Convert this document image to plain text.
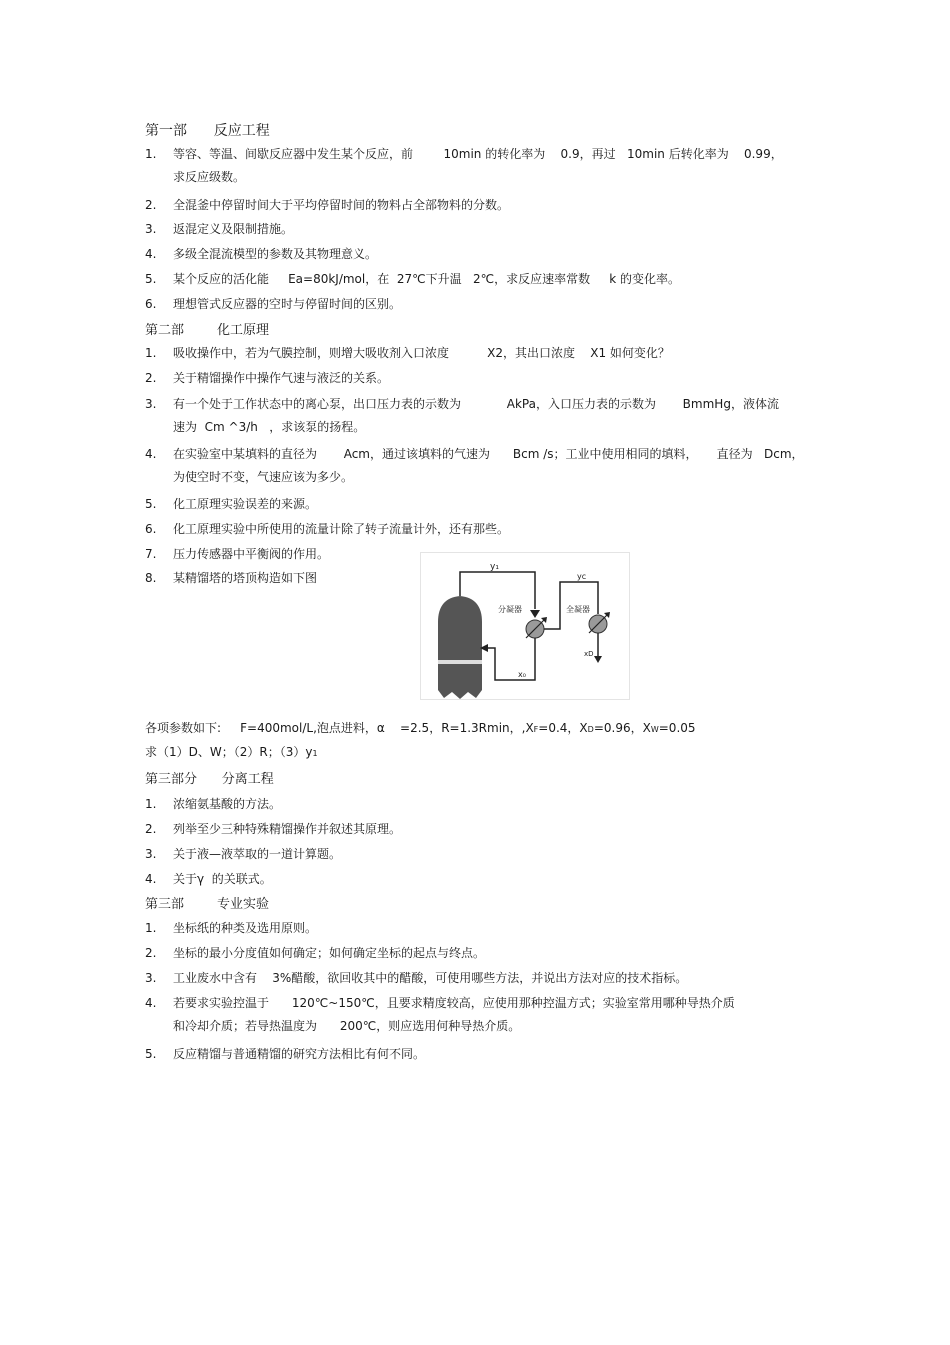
第一部      反应工程
1.	等容、等温、间歇反应器中发生某个反应，前        10min 的转化率为    0.9，再过   10min 后转化率为    0.99，
求反应级数。
2.	全混釜中停留时间大于平均停留时间的物料占全部物料的分数。
3.	返混定义及限制措施。
4.	多级全混流模型的参数及其物理意义。
5.	某个反应的活化能     Ea=80kJ/mol，在  27℃下升温   2℃，求反应速率常数     k 的变化率。
6.	理想管式反应器的空时与停留时间的区别。
第二部        化工原理
1.	吸收操作中，若为气膜控制，则增大吸收剂入口浓度          X2，其出口浓度    X1 如何变化？
2.	关于精馏操作中操作气速与液泛的关系。
3.	有一个处于工作状态中的离心泵，出口压力表的示数为            AkPa，入口压力表的示数为       BmmHg，液体流
速为  Cm ^3/h   ，求该泵的扬程。
4.	在实验室中某填料的直径为       Acm，通过该填料的气速为      Bcm /s；工业中使用相同的填料，     直径为   Dcm，
为使空时不变，气速应该为多少。
5.	化工原理实验误差的来源。
6.	化工原理实验中所使用的流量计除了转子流量计外，还有那些。
7.	压力传感器中平衡阀的作用。
8.	某精馏塔的塔顶构造如下图
y₁
分凝器
yc
全凝器
xD
x₀
各项参数如下:     F=400mol/L,泡点进料，α    =2.5，R=1.3Rmin，,XF=0.4，XD=0.96，XW=0.05
求（1）D、W；（2）R；（3）y1
第三部分      分离工程
1.	浓缩氨基酸的方法。
2.	列举至少三种特殊精馏操作并叙述其原理。
3.	关于液—液萃取的一道计算题。
4.	关于γ  的关联式。
第三部        专业实验
1.	坐标纸的种类及选用原则。
2.	坐标的最小分度值如何确定；如何确定坐标的起点与终点。
3.	工业废水中含有    3%醋酸，欲回收其中的醋酸，可使用哪些方法，并说出方法对应的技术指标。
4.	若要求实验控温于      120℃~150℃，且要求精度较高，应使用那种控温方式；实验室常用哪种导热介质
和冷却介质；若导热温度为      200℃，则应选用何种导热介质。
5.	反应精馏与普通精馏的研究方法相比有何不同。
